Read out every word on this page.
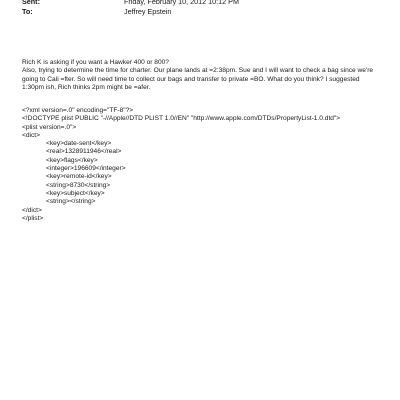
Sent:	Friday, February 10, 2012 10:12 PM
To:	Jeffrey Epstein

Rich K is asking if you want a Hawker 400 or 800?

Also, trying to determine the time for charter. Our plane lands at =2:38pm. Sue and I will want to check a bag since we're going to Cali =fter. So will need time to collect our bags and transfer to private =BO. What do you think? I suggested 1:30pm ish, Rich thinks 2pm might be =afer.

<?xml version=.0" encoding="TF-8"?>
<!DOCTYPE plist PUBLIC "-//Apple//DTD PLIST 1.0//EN" "http://www.apple.com/DTDs/PropertyList-1.0.dtd">
<plist version=.0">
<dict>
<key>date-sent</key>
<real>1328911946</real>
<key>flags</key>
<integer>196609</integer>
<key>remote-id</key>
<string>8730</string>
<key>subject</key>
<string></string>
</dict>
</plist>
